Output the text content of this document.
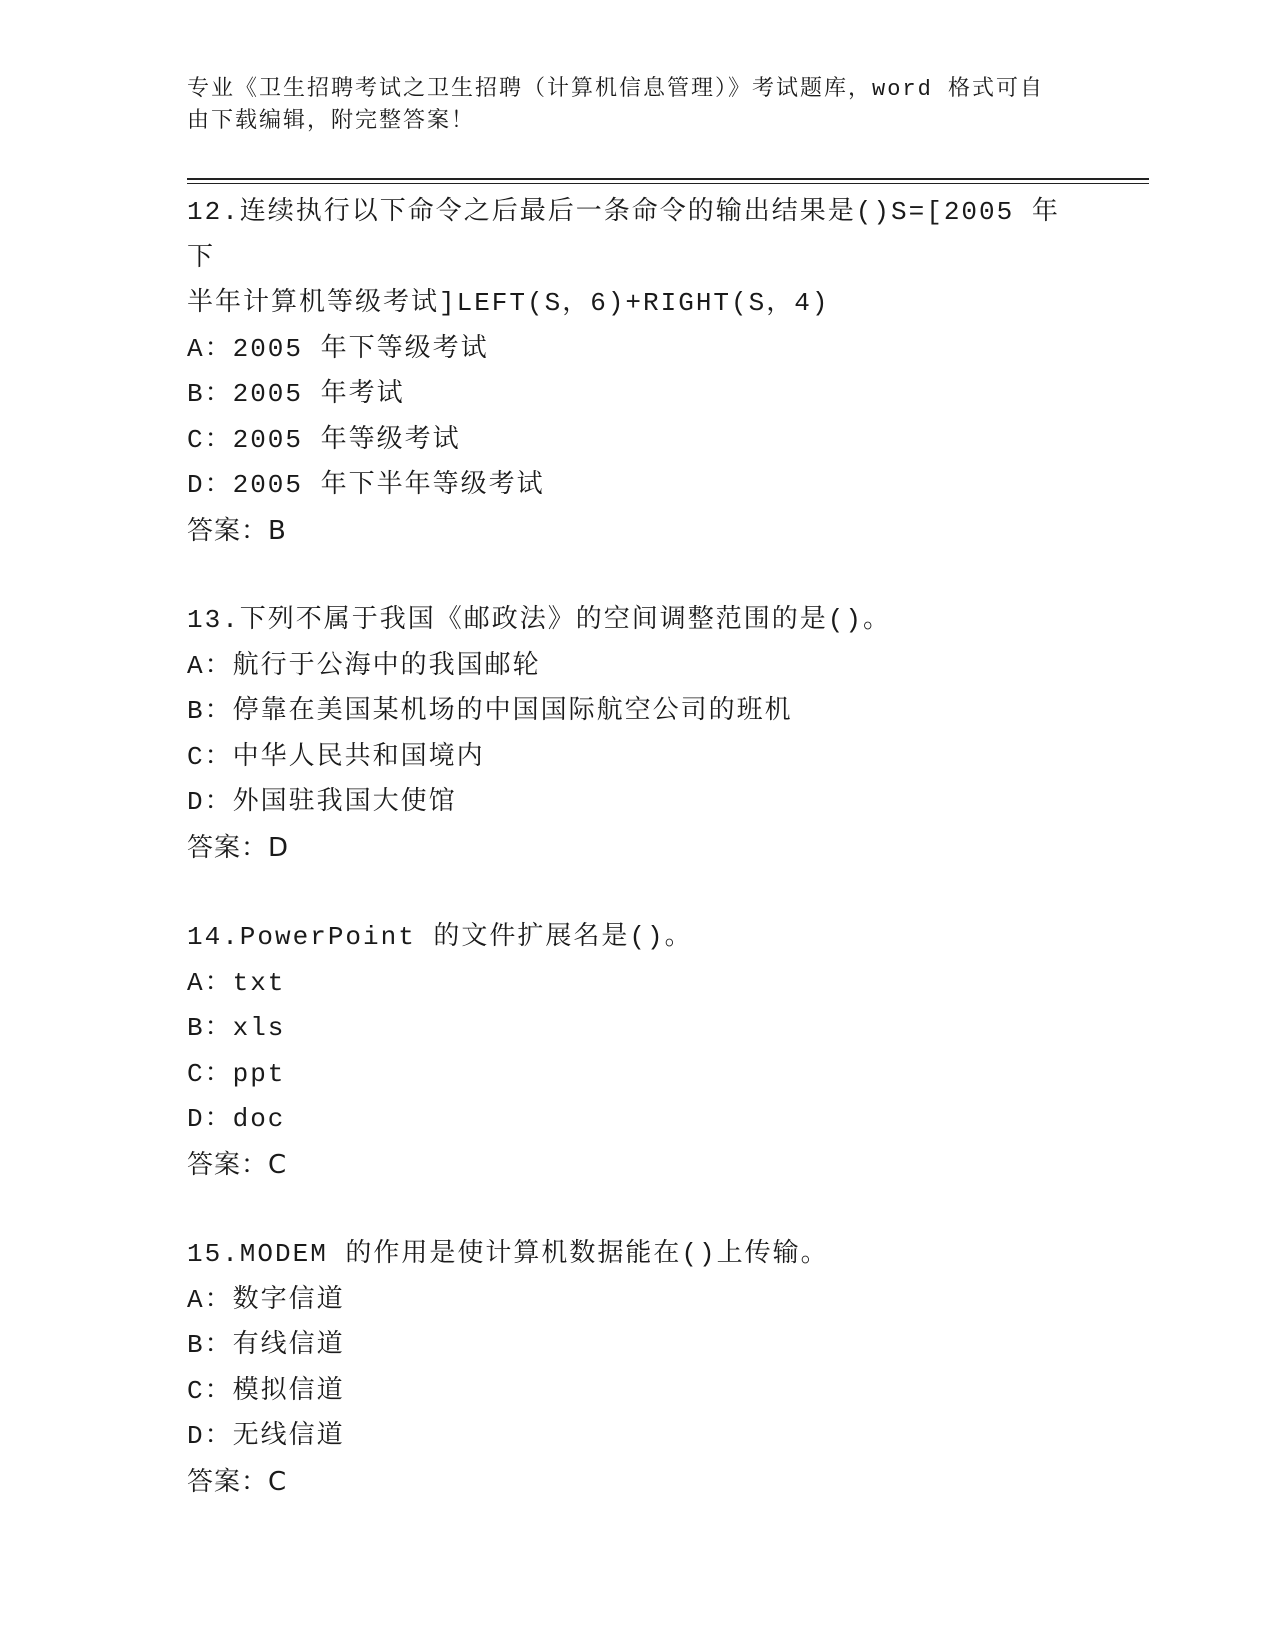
专业《卫生招聘考试之卫生招聘（计算机信息管理）》考试题库，word 格式可自由下载编辑，附完整答案！

12.连续执行以下命令之后最后一条命令的输出结果是()S=[2005 年下

半年计算机等级考试]LEFT(S，6)+RIGHT(S，4)

A：2005 年下等级考试

B：2005 年考试

C：2005 年等级考试

D：2005 年下半年等级考试

答案：B

13.下列不属于我国《邮政法》的空间调整范围的是()。

A：航行于公海中的我国邮轮

B：停靠在美国某机场的中国国际航空公司的班机

C：中华人民共和国境内

D：外国驻我国大使馆

答案：D

14.PowerPoint 的文件扩展名是()。

A：txt

B：xls

C：ppt

D：doc

答案：C

15.MODEM 的作用是使计算机数据能在()上传输。

A：数字信道

B：有线信道

C：模拟信道

D：无线信道

答案：C
